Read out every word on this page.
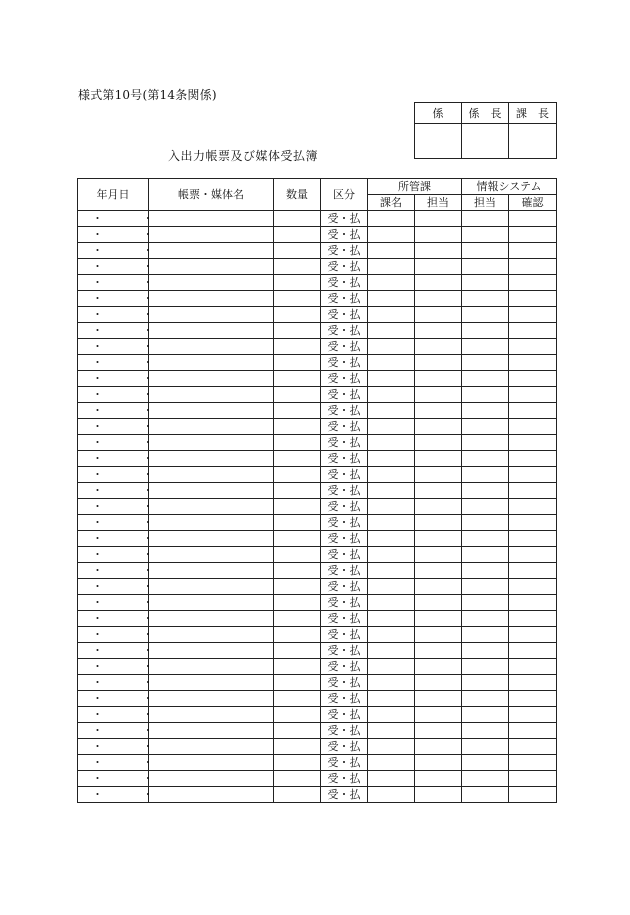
様式第10号(第14条関係)
係	係　長	課　長

入出力帳票及び媒体受払簿
年月日	帳票・媒体名	数量	区分	所管課		情報システム	
				課名	担当	担当	確認
・ ・			受・払				
・ ・			受・払				
・ ・			受・払				
・ ・			受・払				
・ ・			受・払				
・ ・			受・払				
・ ・			受・払				
・ ・			受・払				
・ ・			受・払				
・ ・			受・払				
・ ・			受・払				
・ ・			受・払				
・ ・			受・払				
・ ・			受・払				
・ ・			受・払				
・ ・			受・払				
・ ・			受・払				
・ ・			受・払				
・ ・			受・払				
・ ・			受・払				
・ ・			受・払				
・ ・			受・払				
・ ・			受・払				
・ ・			受・払				
・ ・			受・払				
・ ・			受・払				
・ ・			受・払				
・ ・			受・払				
・ ・			受・払				
・ ・			受・払				
・ ・			受・払				
・ ・			受・払				
・ ・			受・払				
・ ・			受・払				
・ ・			受・払				
・ ・			受・払				
・ ・			受・払				
